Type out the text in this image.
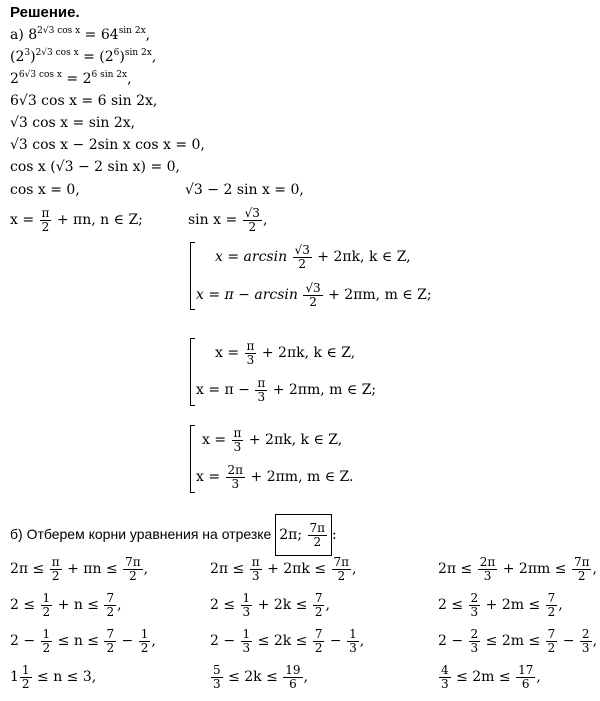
Решение.
а) $8^{2√3 cos x} = 64^{sin 2x}$,
$(2^3)^{2√3 cos x} = (2^6)^{sin 2x}$,
$2^{6√3 cos x} = 2^{6 sin 2x}$,
6√3 cos x = 6 sin 2x,
√3 cos x = sin 2x,
√3 cos x − 2sin x cos x = 0,
cos x (√3 − 2 sin x) = 0,
cos x = 0,	√3 − 2 sin x = 0,
$x = \frac{\pi}{2} + \pi n$, n ∈ Z;	$\sin x = \frac{√3}{2}$ ,
$x = \arcsin \frac{√3}{2} + 2\pi k$, k ∈ Z,
$x = \pi - \arcsin \frac{√3}{2} + 2\pi m$, m ∈ Z;
$x = \frac{\pi}{3} + 2\pi k$, k ∈ Z,
$x = \pi - \frac{\pi}{3} + 2\pi m$, m ∈ Z;
$x = \frac{\pi}{3} + 2\pi k$, k ∈ Z,
$x = \frac{2\pi}{3} + 2\pi m$, m ∈ Z.
б) Отберем корни уравнения на отрезке 2π; $\frac{7\pi}{2}$ :
$2\pi \le \frac{\pi}{2} + \pi n \le \frac{7\pi}{2}$ ,
$2 \le \frac{1}{2} + n \le \frac{7}{2}$ ,
$2 - \frac{1}{2} \le n \le \frac{7}{2} - \frac{1}{2}$ ,
$1 \frac{1}{2} \le n \le 3$,
$2\pi \le \frac{\pi}{3} + 2\pi k \le \frac{7\pi}{2}$ ,
$2 \le \frac{1}{3} + 2k \le \frac{7}{2}$ ,
$2 - \frac{1}{3} \le 2k \le \frac{7}{2} - \frac{1}{3}$ ,
$\frac{5}{3} \le 2k \le \frac{19}{6}$ ,
$2\pi \le \frac{2\pi}{3} + 2\pi m \le \frac{7\pi}{2}$ ,
$2 \le \frac{2}{3} + 2m \le \frac{7}{2}$ ,
$2 - \frac{2}{3} \le 2m \le \frac{7}{2} - \frac{2}{3}$ ,
$\frac{4}{3} \le 2m \le \frac{17}{6}$ ,
